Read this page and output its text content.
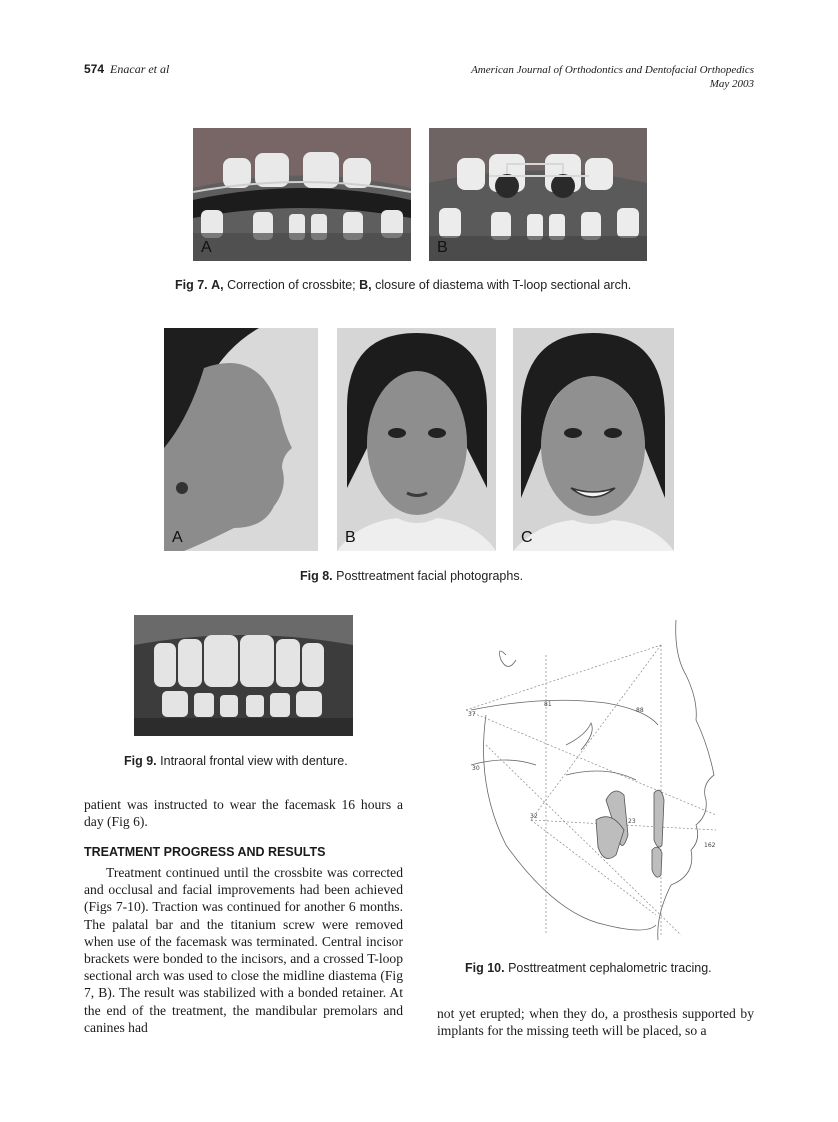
574 Enacar et al	American Journal of Orthodontics and Dentofacial Orthopedics
May 2003
A	B
Fig 7. A, Correction of crossbite; B, closure of diastema with T-loop sectional arch.
A	B	C
Fig 8. Posttreatment facial photographs.
Fig 9. Intraoral frontal view with denture.
81
88
37
30
32
23
162
Fig 10. Posttreatment cephalometric tracing.

patient was instructed to wear the facemask 16 hours a day (Fig 6).

TREATMENT PROGRESS AND RESULTS

Treatment continued until the crossbite was corrected and occlusal and facial improvements had been achieved (Figs 7-10). Traction was continued for another 6 months. The palatal bar and the titanium screw were removed when use of the facemask was terminated. Central incisor brackets were bonded to the incisors, and a crossed T-loop sectional arch was used to close the midline diastema (Fig 7, B). The result was stabilized with a bonded retainer. At the end of the treatment, the mandibular premolars and canines had

not yet erupted; when they do, a prosthesis supported by implants for the missing teeth will be placed, so a
